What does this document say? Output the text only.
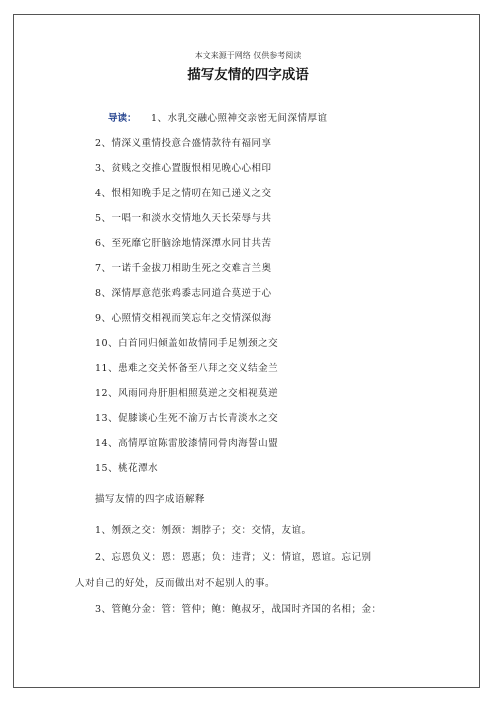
本文来源于网络 仅供参考阅读
描写友情的四字成语
导读： 1、水乳交融心照神交亲密无间深情厚谊
2、情深义重情投意合盛情款待有福同享
3、贫贱之交推心置腹恨相见晚心心相印
4、恨相知晚手足之情叨在知己递义之交
5、一唱一和淡水交情地久天长荣辱与共
6、至死靡它肝脑涂地情深潭水同甘共苦
7、一诺千金拔刀相助生死之交难言兰奥
8、深情厚意范张鸡黍志同道合莫逆于心
9、心照情交相视而笑忘年之交情深似海
10、白首同归倾盖如故情同手足刎颈之交
11、患难之交关怀备至八拜之交义结金兰
12、风雨同舟肝胆相照莫逆之交相视莫逆
13、促膝谈心生死不渝万古长青淡水之交
14、高情厚谊陈雷胶漆情同骨肉海誓山盟
15、桃花潭水
描写友情的四字成语解释
1、刎颈之交：刎颈：割脖子；交：交情，友谊。
2、忘恩负义：恩：恩惠；负：违背；义：情谊，恩谊。忘记别
人对自己的好处，反而做出对不起别人的事。
3、管鲍分金：管：管仲；鲍：鲍叔牙，战国时齐国的名相；金：
